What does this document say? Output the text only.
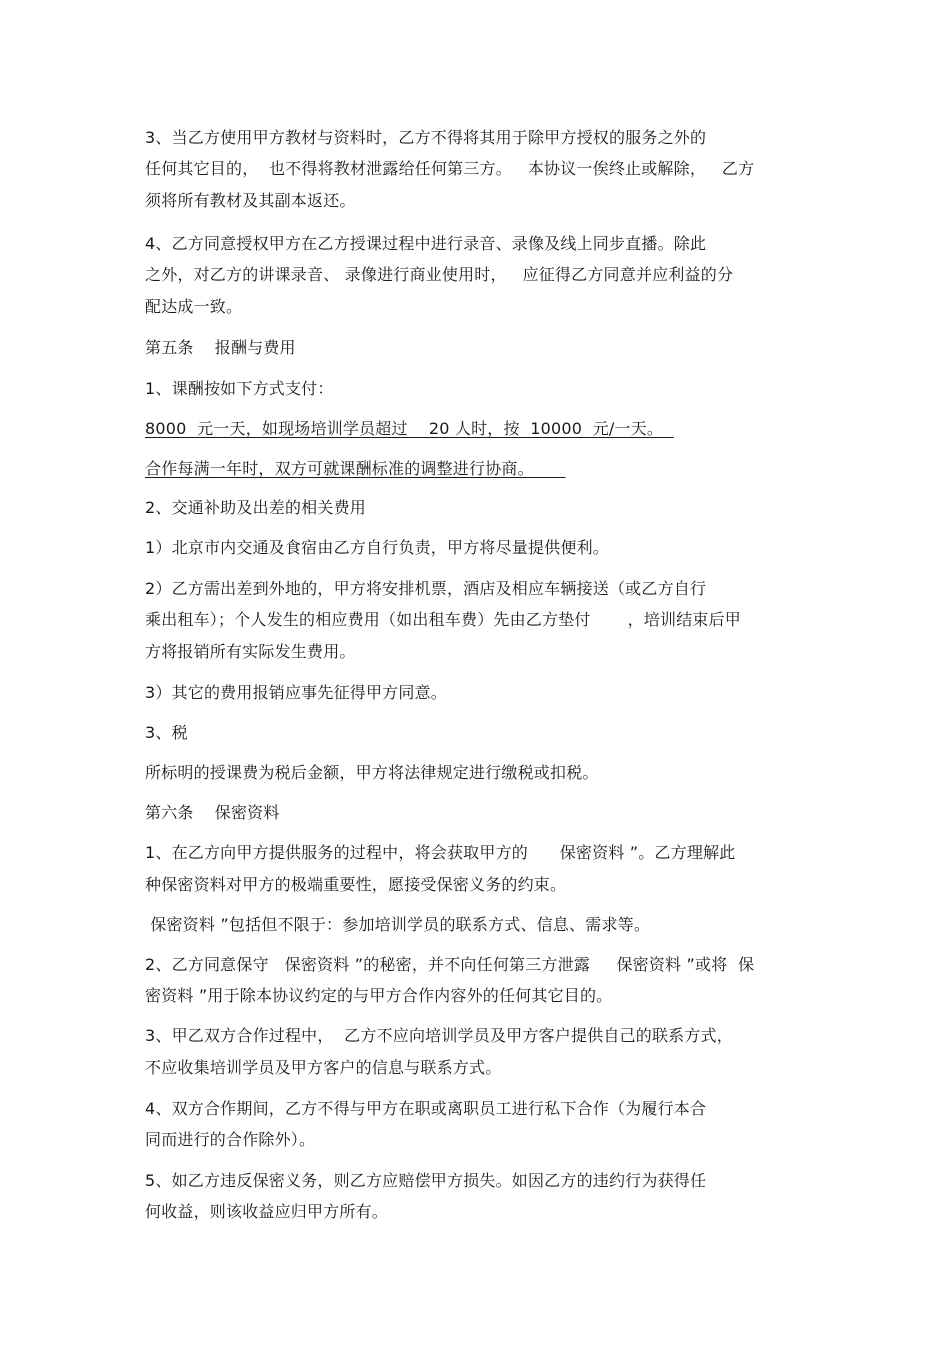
3、当乙方使用甲方教材与资料时，乙方不得将其用于除甲方授权的服务之外的
任何其它目的，  也不得将教材泄露给任何第三方。   本协议一俟终止或解除，   乙方
须将所有教材及其副本返还。
4、乙方同意授权甲方在乙方授课过程中进行录音、录像及线上同步直播。除此
之外，对乙方的讲课录音、 录像进行商业使用时，   应征得乙方同意并应利益的分
配达成一致。
第五条    报酬与费用
1、课酬按如下方式支付：
8000  元一天，如现场培训学员超过    20 人时，按  10000  元/一天。
合作每满一年时，双方可就课酬标准的调整进行协商。
2、交通补助及出差的相关费用
1）北京市内交通及食宿由乙方自行负责，甲方将尽量提供便利。
2）乙方需出差到外地的，甲方将安排机票，酒店及相应车辆接送（或乙方自行
乘出租车）；个人发生的相应费用（如出租车费）先由乙方垫付       ，培训结束后甲
方将报销所有实际发生费用。
3）其它的费用报销应事先征得甲方同意。
3、税
所标明的授课费为税后金额，甲方将法律规定进行缴税或扣税。
第六条    保密资料
1、在乙方向甲方提供服务的过程中，将会获取甲方的      保密资料 ”。乙方理解此
种保密资料对甲方的极端重要性，愿接受保密义务的约束。
保密资料 ”包括但不限于：参加培训学员的联系方式、信息、需求等。
2、乙方同意保守   保密资料 ”的秘密，并不向任何第三方泄露     保密资料 ”或将  保
密资料 ”用于除本协议约定的与甲方合作内容外的任何其它目的。
3、甲乙双方合作过程中，  乙方不应向培训学员及甲方客户提供自己的联系方式，
不应收集培训学员及甲方客户的信息与联系方式。
4、双方合作期间，乙方不得与甲方在职或离职员工进行私下合作（为履行本合
同而进行的合作除外）。
5、如乙方违反保密义务，则乙方应赔偿甲方损失。如因乙方的违约行为获得任
何收益，则该收益应归甲方所有。
